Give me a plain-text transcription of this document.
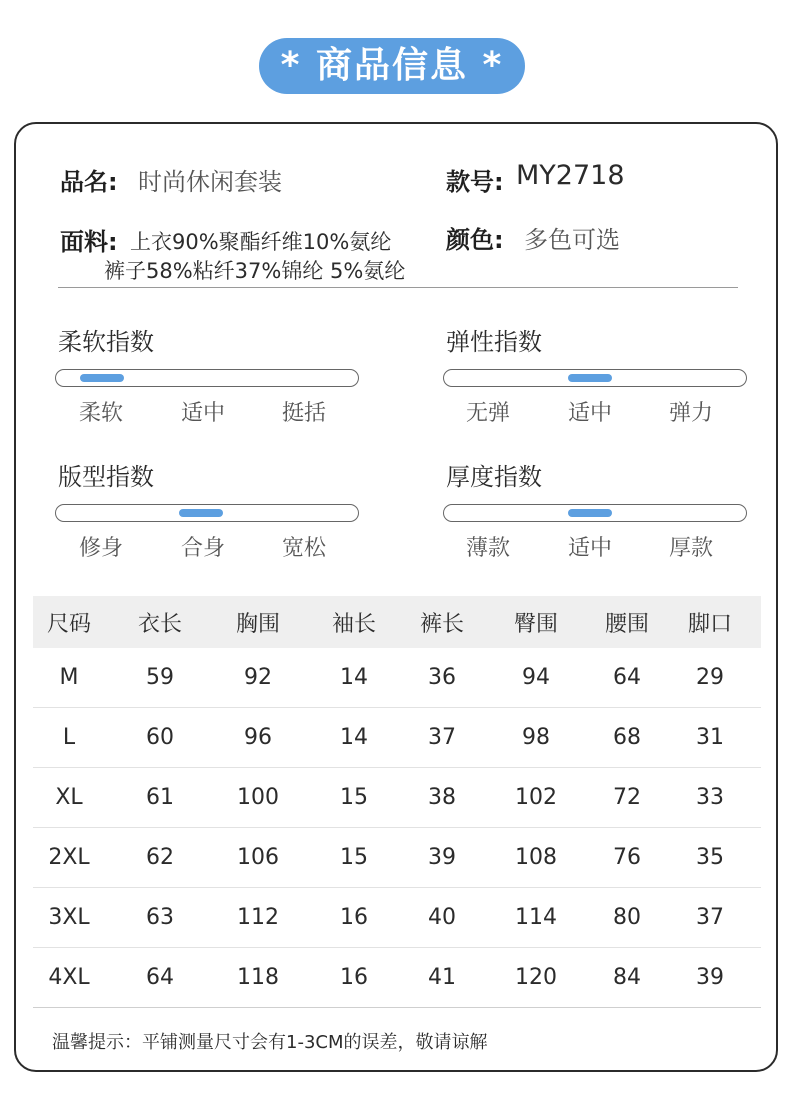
* 商品信息 *
品名: 时尚休闲套装	款号: MY2718
面料: 上衣90%聚酯纤维10%氨纶
裤子58%粘纤37%锦纶 5%氨纶
颜色: 多色可选
柔软指数
柔软	适中	挺括
弹性指数
无弹	适中	弹力
版型指数
修身	合身	宽松
厚度指数
薄款	适中	厚款
尺码	衣长	胸围	袖长	裤长	臀围	腰围	脚口
M	59	92	14	36	94	64	29
L	60	96	14	37	98	68	31
XL	61	100	15	38	102	72	33
2XL	62	106	15	39	108	76	35
3XL	63	112	16	40	114	80	37
4XL	64	118	16	41	120	84	39
温馨提示：平铺测量尺寸会有1-3CM的误差，敬请谅解
